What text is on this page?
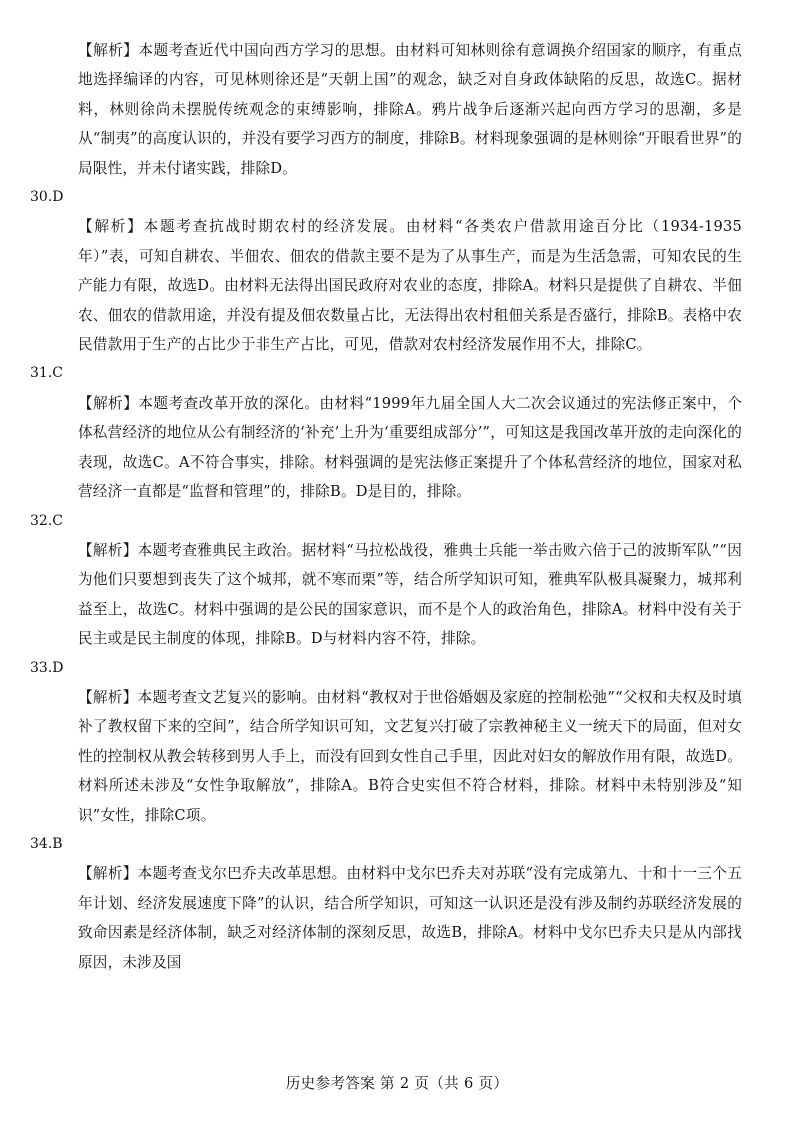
【解析】本题考查近代中国向西方学习的思想。由材料可知林则徐有意调换介绍国家的顺序，有重点地选择编译的内容，可见林则徐还是“天朝上国”的观念，缺乏对自身政体缺陷的反思，故选C。据材料，林则徐尚未摆脱传统观念的束缚影响，排除A。鸦片战争后逐渐兴起向西方学习的思潮，多是从“制夷”的高度认识的，并没有要学习西方的制度，排除B。材料现象强调的是林则徐“开眼看世界”的局限性，并未付诸实践，排除D。

30.D

【解析】本题考查抗战时期农村的经济发展。由材料“各类农户借款用途百分比（1934-1935年）”表，可知自耕农、半佃农、佃农的借款主要不是为了从事生产，而是为生活急需，可知农民的生产能力有限，故选D。由材料无法得出国民政府对农业的态度，排除A。材料只是提供了自耕农、半佃农、佃农的借款用途，并没有提及佃农数量占比，无法得出农村租佃关系是否盛行，排除B。表格中农民借款用于生产的占比少于非生产占比，可见，借款对农村经济发展作用不大，排除C。

31.C

【解析】本题考查改革开放的深化。由材料“1999年九届全国人大二次会议通过的宪法修正案中，个体私营经济的地位从公有制经济的‘补充’上升为‘重要组成部分’”，可知这是我国改革开放的走向深化的表现，故选C。A不符合事实，排除。材料强调的是宪法修正案提升了个体私营经济的地位，国家对私营经济一直都是“监督和管理”的，排除B。D是目的，排除。

32.C

【解析】本题考查雅典民主政治。据材料“马拉松战役，雅典士兵能一举击败六倍于己的波斯军队”“因为他们只要想到丧失了这个城邦，就不寒而栗”等，结合所学知识可知，雅典军队极具凝聚力，城邦利益至上，故选C。材料中强调的是公民的国家意识，而不是个人的政治角色，排除A。材料中没有关于民主或是民主制度的体现，排除B。D与材料内容不符，排除。

33.D

【解析】本题考查文艺复兴的影响。由材料“教权对于世俗婚姻及家庭的控制松弛”“父权和夫权及时填补了教权留下来的空间”，结合所学知识可知，文艺复兴打破了宗教神秘主义一统天下的局面，但对女性的控制权从教会转移到男人手上，而没有回到女性自己手里，因此对妇女的解放作用有限，故选D。材料所述未涉及“女性争取解放”，排除A。B符合史实但不符合材料，排除。材料中未特别涉及“知识”女性，排除C项。

34.B

【解析】本题考查戈尔巴乔夫改革思想。由材料中戈尔巴乔夫对苏联“没有完成第九、十和十一三个五年计划、经济发展速度下降”的认识，结合所学知识，可知这一认识还是没有涉及制约苏联经济发展的致命因素是经济体制，缺乏对经济体制的深刻反思，故选B，排除A。材料中戈尔巴乔夫只是从内部找原因，未涉及国

历史参考答案 第 2 页（共 6 页）
